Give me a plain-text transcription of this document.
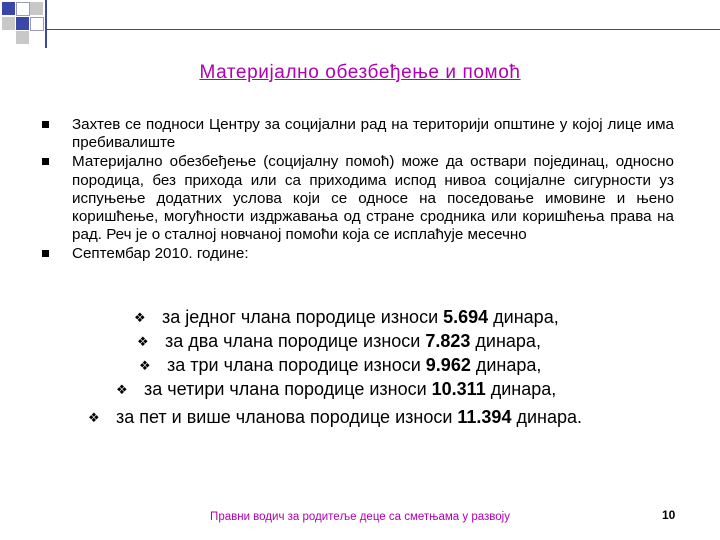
Материјално обезбеђење и помоћ
Захтев се подноси Центру за социјални рад на територији општине у којој лице има пребивалиште
Материјално обезбеђење (социјалну помоћ) може да оствари појединац, односно породица, без прихода или са приходима испод нивоа социјалне сигурности уз испуњење додатних услова који се односе на поседовање имовине и њено коришћење, могућности издржавања од стране сродника или коришћења права на рад. Реч је о сталној новчаној помоћи која се исплаћује месечно
Септембар 2010. године:
❖ за једног члана породице износи 5.694 динара,
❖ за два члана породице износи 7.823 динара,
❖ за три члана породице износи 9.962 динара,
❖ за четири члана породице износи 10.311 динара,
❖ за пет и више чланова породице износи 11.394 динара.
Правни водич за родитеље деце са сметњама у развоју	10
